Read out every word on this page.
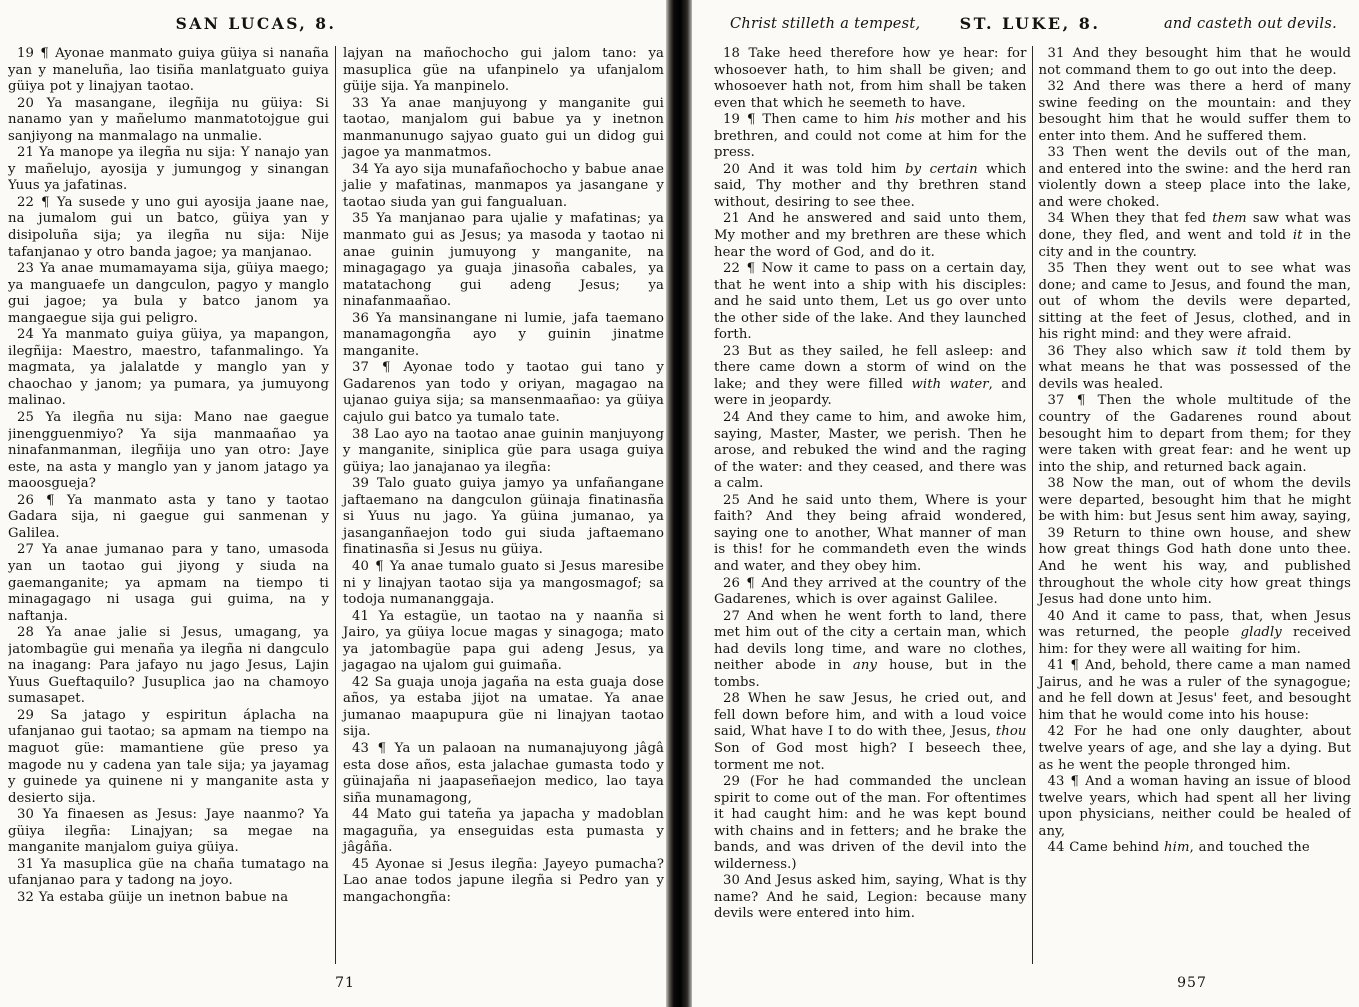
SAN LUCAS, 8.

19 ¶ Ayonae manmato guiya güiya si nanaña yan y maneluña, lao tisiña manlatguato guiya güiya pot y linajyan taotao.

20 Ya masangane, ilegñija nu güiya: Si nanamo yan y mañelumo manmatotojgue gui sanjiyong na manmalago na unmalie.

21 Ya manope ya ilegña nu sija: Y nanajo yan y mañelujo, ayosija y jumungog y sinangan Yuus ya jafatinas.

22 ¶ Ya susede y uno gui ayosija jaane nae, na jumalom gui un batco, güiya yan y disipoluña sija; ya ilegña nu sija: Nije tafanjanao y otro banda jagoe; ya manjanao.

23 Ya anae mumamayama sija, güiya maego; ya manguaefe un dangculon, pagyo y manglo gui jagoe; ya bula y batco janom ya mangaegue sija gui peligro.

24 Ya manmato guiya güiya, ya mapangon, ilegñija: Maestro, maestro, tafanmalingo. Ya magmata, ya jalalatde y manglo yan y chaochao y janom; ya pumara, ya jumuyong malinao.

25 Ya ilegña nu sija: Mano nae gaegue jinengguenmiyo? Ya sija manmaañao ya ninafanmanman, ilegñija uno yan otro: Jaye este, na asta y manglo yan y janom jatago ya maoosgueja?

26 ¶ Ya manmato asta y tano y taotao Gadara sija, ni gaegue gui sanmenan y Galilea.

27 Ya anae jumanao para y tano, umasoda yan un taotao gui jiyong y siuda na gaemanganite; ya apmam na tiempo ti minagagago ni usaga gui guima, na y naftanja.

28 Ya anae jalie si Jesus, umagang, ya jatombagüe gui menaña ya ilegña ni dangculo na inagang: Para jafayo nu jago Jesus, Lajin Yuus Gueftaquilo? Jusuplica jao na chamoyo sumasapet.

29 Sa jatago y espiritun áplacha na ufanjanao gui taotao; sa apmam na tiempo na maguot güe: mamantiene güe preso ya magode nu y cadena yan tale sija; ya jayamag y guinede ya quinene ni y manganite asta y desierto sija.

30 Ya finaesen as Jesus: Jaye naanmo? Ya güiya ilegña: Linajyan; sa megae na manganite manjalom guiya güiya.

31 Ya masuplica güe na chaña tumatago na ufanjanao para y tadong na joyo.

32 Ya estaba güije un inetnon babue na

lajyan na mañochocho gui jalom tano: ya masuplica güe na ufanpinelo ya ufanjalom güije sija. Ya manpinelo.

33 Ya anae manjuyong y manganite gui taotao, manjalom gui babue ya y inetnon manmanunugo sajyao guato gui un didog gui jagoe ya manmatmos.

34 Ya ayo sija munafañochocho y babue anae jalie y mafatinas, manmapos ya jasangane y taotao siuda yan gui fangualuan.

35 Ya manjanao para ujalie y mafatinas; ya manmato gui as Jesus; ya masoda y taotao ni anae guinin jumuyong y manganite, na minagagago ya guaja jinasoña cabales, ya matatachong gui adeng Jesus; ya ninafanmaañao.

36 Ya mansinangane ni lumie, jafa taemano manamagongña ayo y guinin jinatme manganite.

37 ¶ Ayonae todo y taotao gui tano y Gadarenos yan todo y oriyan, magagao na ujanao guiya sija; sa mansenmaañao: ya güiya cajulo gui batco ya tumalo tate.

38 Lao ayo na taotao anae guinin manjuyong y manganite, siniplica güe para usaga guiya güiya; lao janajanao ya ilegña:

39 Talo guato guiya jamyo ya unfañangane jaftaemano na dangculon güinaja finatinasña si Yuus nu jago. Ya güina jumanao, ya jasanganñaejon todo gui siuda jaftaemano finatinasña si Jesus nu güiya.

40 ¶ Ya anae tumalo guato si Jesus maresibe ni y linajyan taotao sija ya mangosmagof; sa todoja numananggaja.

41 Ya estagüe, un taotao na y naanña si Jairo, ya güiya locue magas y sinagoga; mato ya jatombagüe papa gui adeng Jesus, ya jagagao na ujalom gui guimaña.

42 Sa guaja unoja jagaña na esta guaja dose años, ya estaba jijot na umatae. Ya anae jumanao maapupura güe ni linajyan taotao sija.

43 ¶ Ya un palaoan na numanajuyong jâgâ esta dose años, esta jalachae gumasta todo y güinajaña ni jaapaseñaejon medico, lao taya siña munamagong,

44 Mato gui tateña ya japacha y madoblan magaguña, ya enseguidas esta pumasta y jâgâña.

45 Ayonae si Jesus ilegña: Jayeyo pumacha? Lao anae todos japune ilegña si Pedro yan y mangachongña:

71
Christ stilleth a tempest,	ST. LUKE, 8.	and casteth out devils.

18 Take heed therefore how ye hear: for whosoever hath, to him shall be given; and whosoever hath not, from him shall be taken even that which he seemeth to have.

19 ¶ Then came to him his mother and his brethren, and could not come at him for the press.

20 And it was told him by certain which said, Thy mother and thy brethren stand without, desiring to see thee.

21 And he answered and said unto them, My mother and my brethren are these which hear the word of God, and do it.

22 ¶ Now it came to pass on a certain day, that he went into a ship with his disciples: and he said unto them, Let us go over unto the other side of the lake. And they launched forth.

23 But as they sailed, he fell asleep: and there came down a storm of wind on the lake; and they were filled with water, and were in jeopardy.

24 And they came to him, and awoke him, saying, Master, Master, we perish. Then he arose, and rebuked the wind and the raging of the water: and they ceased, and there was a calm.

25 And he said unto them, Where is your faith? And they being afraid wondered, saying one to another, What manner of man is this! for he commandeth even the winds and water, and they obey him.

26 ¶ And they arrived at the country of the Gadarenes, which is over against Galilee.

27 And when he went forth to land, there met him out of the city a certain man, which had devils long time, and ware no clothes, neither abode in any house, but in the tombs.

28 When he saw Jesus, he cried out, and fell down before him, and with a loud voice said, What have I to do with thee, Jesus, thou Son of God most high? I beseech thee, torment me not.

29 (For he had commanded the unclean spirit to come out of the man. For oftentimes it had caught him: and he was kept bound with chains and in fetters; and he brake the bands, and was driven of the devil into the wilderness.)

30 And Jesus asked him, saying, What is thy name? And he said, Legion: because many devils were entered into him.

31 And they besought him that he would not command them to go out into the deep.

32 And there was there a herd of many swine feeding on the mountain: and they besought him that he would suffer them to enter into them. And he suffered them.

33 Then went the devils out of the man, and entered into the swine: and the herd ran violently down a steep place into the lake, and were choked.

34 When they that fed them saw what was done, they fled, and went and told it in the city and in the country.

35 Then they went out to see what was done; and came to Jesus, and found the man, out of whom the devils were departed, sitting at the feet of Jesus, clothed, and in his right mind: and they were afraid.

36 They also which saw it told them by what means he that was possessed of the devils was healed.

37 ¶ Then the whole multitude of the country of the Gadarenes round about besought him to depart from them; for they were taken with great fear: and he went up into the ship, and returned back again.

38 Now the man, out of whom the devils were departed, besought him that he might be with him: but Jesus sent him away, saying,

39 Return to thine own house, and shew how great things God hath done unto thee. And he went his way, and published throughout the whole city how great things Jesus had done unto him.

40 And it came to pass, that, when Jesus was returned, the people gladly received him: for they were all waiting for him.

41 ¶ And, behold, there came a man named Jairus, and he was a ruler of the synagogue; and he fell down at Jesus' feet, and besought him that he would come into his house:

42 For he had one only daughter, about twelve years of age, and she lay a dying. But as he went the people thronged him.

43 ¶ And a woman having an issue of blood twelve years, which had spent all her living upon physicians, neither could be healed of any,

44 Came behind him, and touched the

957
